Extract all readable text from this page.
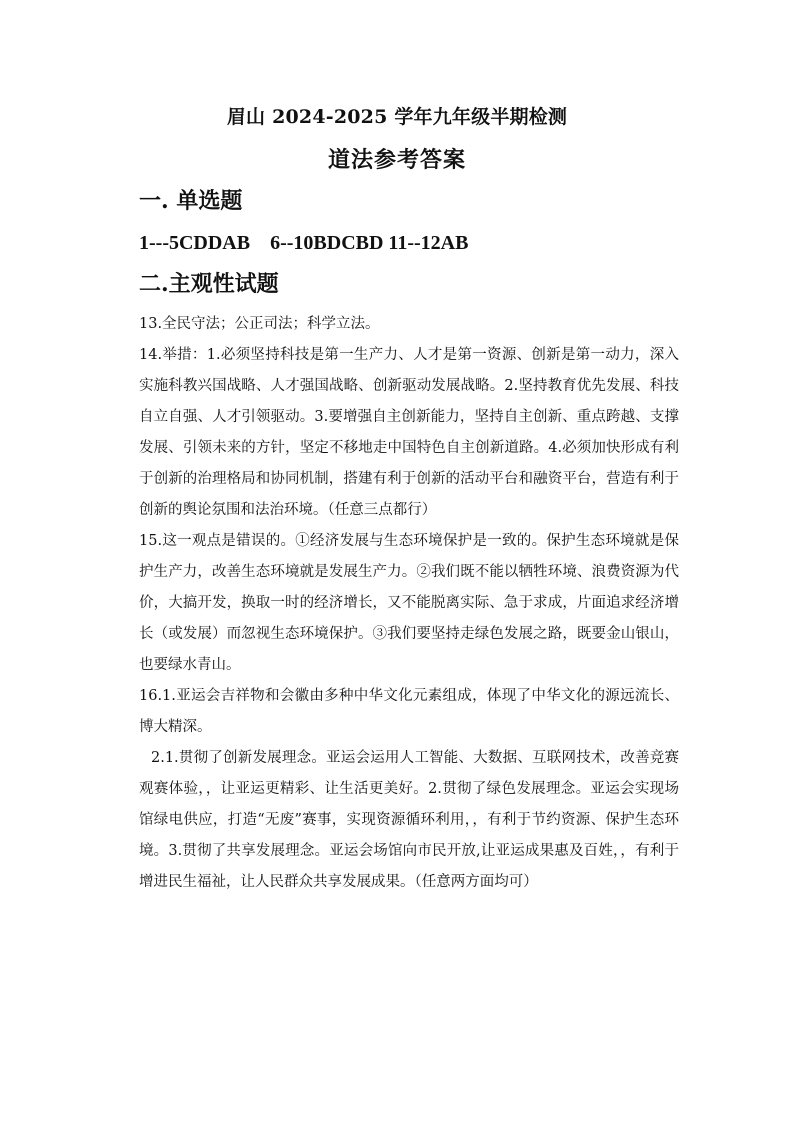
眉山 2024-2025 学年九年级半期检测
道法参考答案
一. 单选题
1---5CDDAB    6--10BDCBD 11--12AB
二.主观性试题

13.全民守法；公正司法；科学立法。

14.举措：1.必须坚持科技是第一生产力、人才是第一资源、创新是第一动力，深入实施科教兴国战略、人才强国战略、创新驱动发展战略。2.坚持教育优先发展、科技自立自强、人才引领驱动。3.要增强自主创新能力，坚持自主创新、重点跨越、支撑发展、引领未来的方针，坚定不移地走中国特色自主创新道路。4.必须加快形成有利于创新的治理格局和协同机制，搭建有利于创新的活动平台和融资平台，营造有利于创新的舆论氛围和法治环境。（任意三点都行）

15.这一观点是错误的。①经济发展与生态环境保护是一致的。保护生态环境就是保护生产力，改善生态环境就是发展生产力。②我们既不能以牺牲环境、浪费资源为代价，大搞开发，换取一时的经济增长，又不能脱离实际、急于求成，片面追求经济增长（或发展）而忽视生态环境保护。③我们要坚持走绿色发展之路，既要金山银山，也要绿水青山。

16.1.亚运会吉祥物和会徽由多种中华文化元素组成，体现了中华文化的源远流长、博大精深。

2.1.贯彻了创新发展理念。亚运会运用人工智能、大数据、互联网技术，改善竞赛观赛体验，，让亚运更精彩、让生活更美好。2.贯彻了绿色发展理念。亚运会实现场馆绿电供应，打造“无废”赛事，实现资源循环利用，，有利于节约资源、保护生态环境。3.贯彻了共享发展理念。亚运会场馆向市民开放,让亚运成果惠及百姓，，有利于增进民生福祉，让人民群众共享发展成果。（任意两方面均可）
